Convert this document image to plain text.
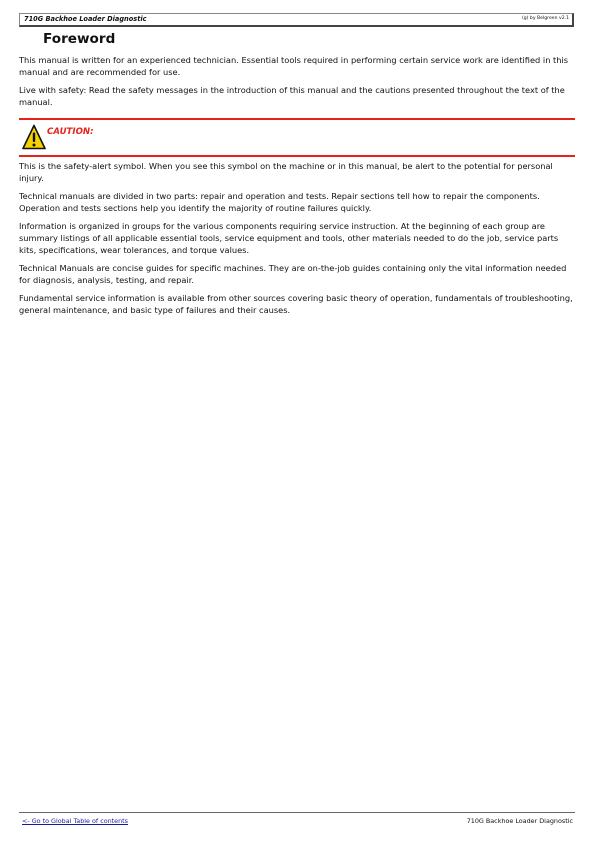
710G Backhoe Loader Diagnostic	(g) by Belgreen v2.1
Foreword

This manual is written for an experienced technician. Essential tools required in performing certain service work are identified in this manual and are recommended for use.

Live with safety: Read the safety messages in the introduction of this manual and the cautions presented throughout the text of the manual.

CAUTION:

This is the safety-alert symbol. When you see this symbol on the machine or in this manual, be alert to the potential for personal injury.

Technical manuals are divided in two parts: repair and operation and tests. Repair sections tell how to repair the components. Operation and tests sections help you identify the majority of routine failures quickly.

Information is organized in groups for the various components requiring service instruction. At the beginning of each group are summary listings of all applicable essential tools, service equipment and tools, other materials needed to do the job, service parts kits, specifications, wear tolerances, and torque values.

Technical Manuals are concise guides for specific machines. They are on-the-job guides containing only the vital information needed for diagnosis, analysis, testing, and repair.

Fundamental service information is available from other sources covering basic theory of operation, fundamentals of troubleshooting, general maintenance, and basic type of failures and their causes.

<- Go to Global Table of contents	710G Backhoe Loader Diagnostic
